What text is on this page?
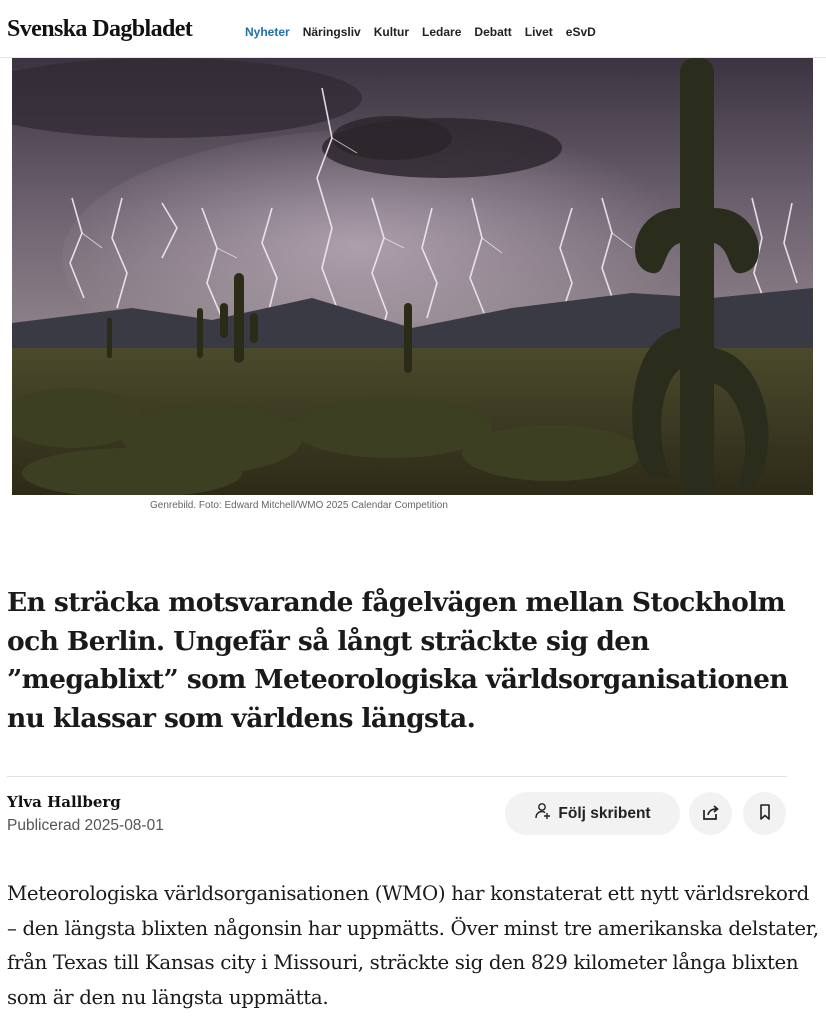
Svenska Dagbladet	Nyheter Näringsliv Kultur Ledare Debatt Livet eSvD
Genrebild. Foto: Edward Mitchell/WMO 2025 Calendar Competition
En sträcka motsvarande fågelvägen mellan Stockholm och Berlin. Ungefär så långt sträckte sig den ”megablixt” som Meteorologiska världsorganisationen nu klassar som världens längsta.
Ylva Hallberg
Publicerad 2025-08-01
Följ skribent

Meteorologiska världsorganisationen (WMO) har konstaterat ett nytt världsrekord – den längsta blixten någonsin har uppmätts. Över minst tre amerikanska delstater, från Texas till Kansas city i Missouri, sträckte sig den 829 kilometer långa blixten som är den nu längsta uppmätta.
